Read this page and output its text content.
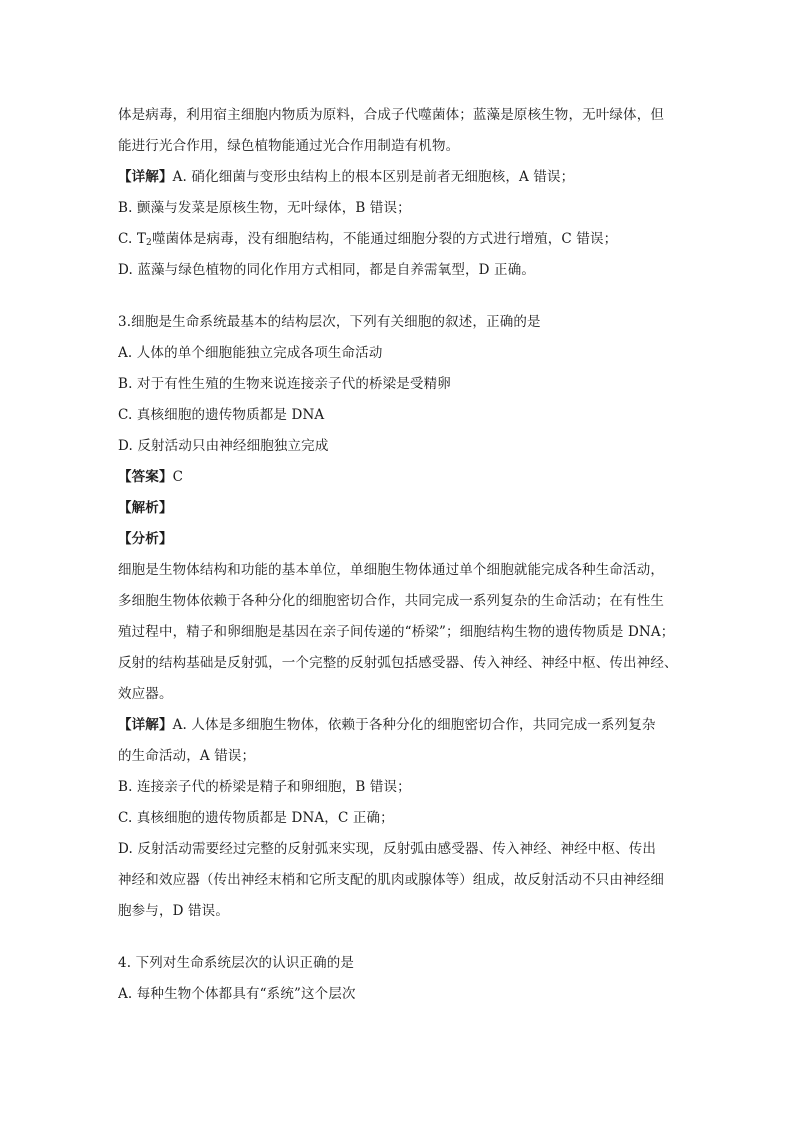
体是病毒，利用宿主细胞内物质为原料，合成子代噬菌体；蓝藻是原核生物，无叶绿体，但
能进行光合作用，绿色植物能通过光合作用制造有机物。
【详解】A. 硝化细菌与变形虫结构上的根本区别是前者无细胞核，A 错误；
B. 颤藻与发菜是原核生物，无叶绿体，B 错误；
C. $T_2$噬菌体是病毒，没有细胞结构，不能通过细胞分裂的方式进行增殖，C 错误；
D. 蓝藻与绿色植物的同化作用方式相同，都是自养需氧型，D 正确。
3.细胞是生命系统最基本的结构层次，下列有关细胞的叙述，正确的是
A. 人体的单个细胞能独立完成各项生命活动
B. 对于有性生殖的生物来说连接亲子代的桥梁是受精卵
C. 真核细胞的遗传物质都是 DNA
D. 反射活动只由神经细胞独立完成
【答案】C
【解析】
【分析】
细胞是生物体结构和功能的基本单位，单细胞生物体通过单个细胞就能完成各种生命活动，
多细胞生物体依赖于各种分化的细胞密切合作，共同完成一系列复杂的生命活动；在有性生
殖过程中，精子和卵细胞是基因在亲子间传递的“桥梁”；细胞结构生物的遗传物质是 DNA；
反射的结构基础是反射弧，一个完整的反射弧包括感受器、传入神经、神经中枢、传出神经、
效应器。
【详解】A. 人体是多细胞生物体，依赖于各种分化的细胞密切合作，共同完成一系列复杂
的生命活动，A 错误；
B. 连接亲子代的桥梁是精子和卵细胞，B 错误；
C. 真核细胞的遗传物质都是 DNA，C 正确；
D. 反射活动需要经过完整的反射弧来实现，反射弧由感受器、传入神经、神经中枢、传出
神经和效应器（传出神经末梢和它所支配的肌肉或腺体等）组成，故反射活动不只由神经细
胞参与，D 错误。
4. 下列对生命系统层次的认识正确的是
A. 每种生物个体都具有“系统”这个层次
